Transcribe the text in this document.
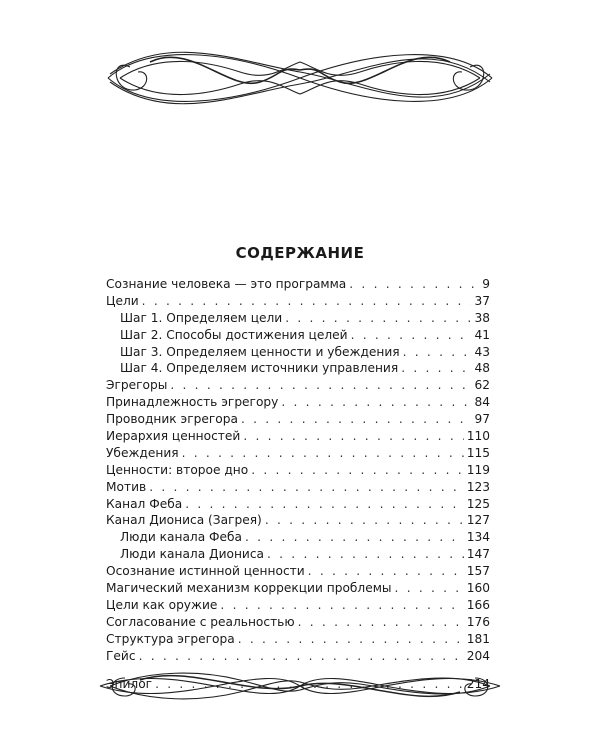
СОДЕРЖАНИЕ
Сознание человека — это программа . . .	9
Цели . . .	37
Шаг 1. Определяем цели . . .	38
Шаг 2. Способы достижения целей . . .	41
Шаг 3. Определяем ценности и убеждения . . .	43
Шаг 4. Определяем источники управления . . .	48
Эгрегоры . . .	62
Принадлежность эгрегору . . .	84
Проводник эгрегора . . .	97
Иерархия ценностей . . .	110
Убеждения . . .	115
Ценности: второе дно . . .	119
Мотив . . .	123
Канал Феба . . .	125
Канал Диониса (Загрея) . . .	127
Люди канала Феба . . .	134
Люди канала Диониса . . .	147
Осознание истинной ценности . . .	157
Магический механизм коррекции проблемы . . .	160
Цели как оружие . . .	166
Согласование с реальностью . . .	176
Структура эгрегора . . .	181
Гейс . . .	204
Эпилог . . .	214
